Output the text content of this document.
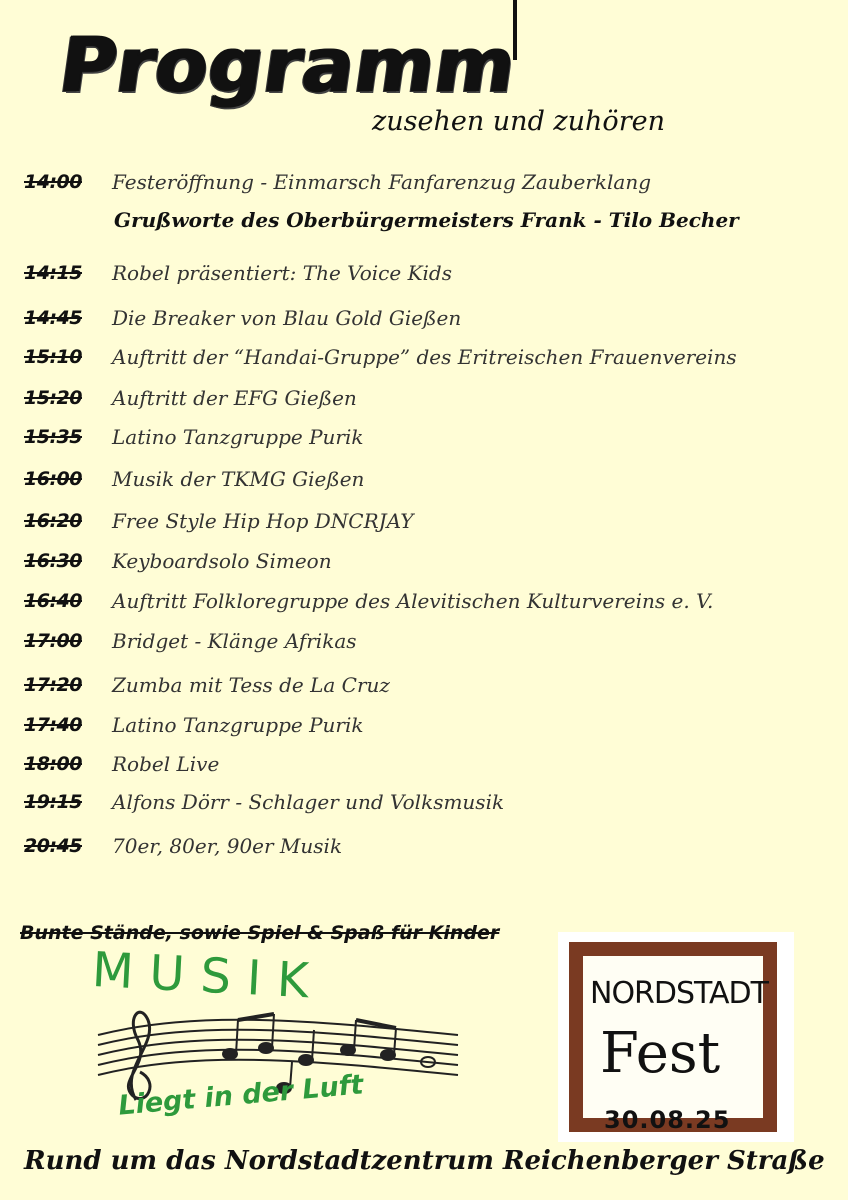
Programm
zusehen und zuhören
14:00	Festeröffnung - Einmarsch Fanfarenzug Zauberklang
14:15	Robel präsentiert: The Voice Kids
14:45	Die Breaker von Blau Gold Gießen
15:10	Auftritt der “Handai-Gruppe” des Eritreischen Frauenvereins
15:20	Auftritt der EFG Gießen
15:35	Latino Tanzgruppe Purik
16:00	Musik der TKMG Gießen
16:20	Free Style Hip Hop DNCRJAY
16:30	Keyboardsolo Simeon
16:40	Auftritt Folkloregruppe des Alevitischen Kulturvereins e. V.
17:00	Bridget - Klänge Afrikas
17:20	Zumba mit Tess de La Cruz
17:40	Latino Tanzgruppe Purik
18:00	Robel Live
19:15	Alfons Dörr - Schlager und Volksmusik
20:45	70er, 80er, 90er Musik
Grußworte des Oberbürgermeisters Frank - Tilo Becher
Bunte Stände, sowie Spiel & Spaß für Kinder
MUSIK
Liegt in der Luft
NORDSTADT
Fest
30.08.25
Rund um das Nordstadtzentrum Reichenberger Straße
